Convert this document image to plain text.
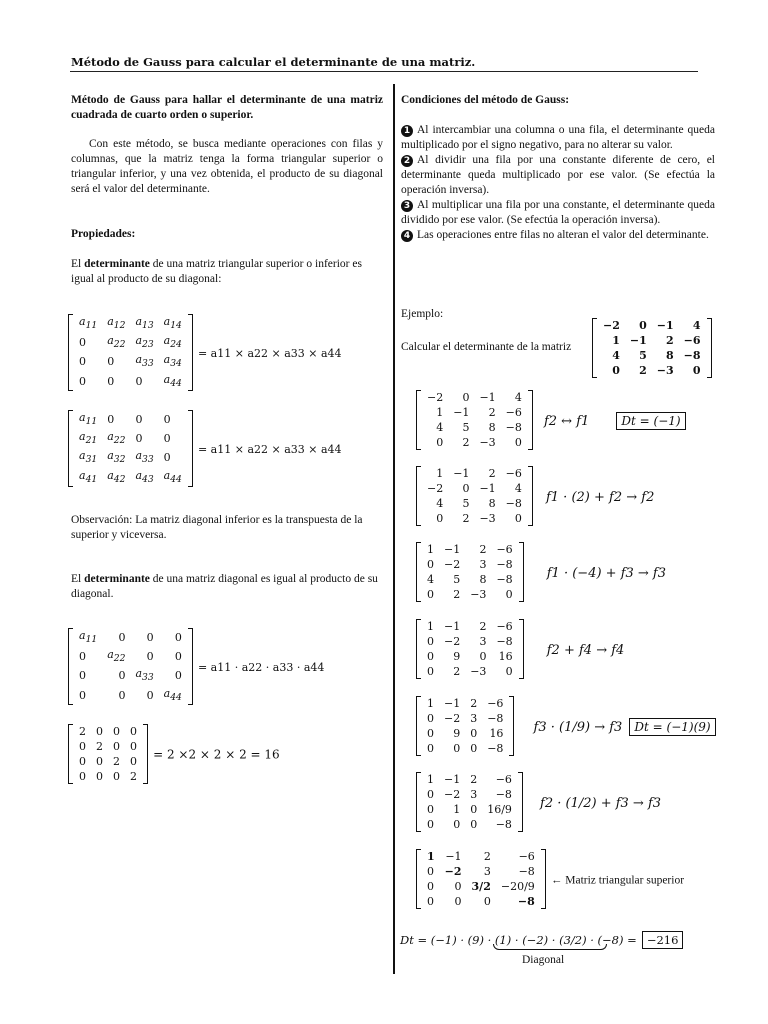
Método de Gauss para calcular el determinante de una matriz.
Método de Gauss para hallar el determinante de una matriz cuadrada de cuarto orden o superior.
Con este método, se busca mediante operaciones con filas y columnas, que la matriz tenga la forma triangular superior o triangular inferior, y una vez obtenida, el producto de su diagonal será el valor del determinante.
Propiedades:
El determinante de una matriz triangular superior o inferior es igual al producto de su diagonal:
$a_{11}$	$a_{12}$	$a_{13}$	$a_{14}$
0	$a_{22}$	$a_{23}$	$a_{24}$
0	0	$a_{33}$	$a_{34}$
0	0	0	$a_{44}$
= a11 × a22 × a33 × a44
$a_{11}$	0	0	0
$a_{21}$	$a_{22}$	0	0
$a_{31}$	$a_{32}$	$a_{33}$	0
$a_{41}$	$a_{42}$	$a_{43}$	$a_{44}$
= a11 × a22 × a33 × a44
Observación: La matriz diagonal inferior es la transpuesta de la superior y viceversa.
El determinante de una matriz diagonal es igual al producto de su diagonal.
$a_{11}$	0	0	0
0	$a_{22}$	0	0
0	0	$a_{33}$	0
0	0	0	$a_{44}$
= a11 · a22 · a33 · a44
2	0	0	0
0	2	0	0
0	0	2	0
0	0	0	2
= 2 ×2 × 2 × 2 = 16
Condiciones del método de Gauss:
1 Al intercambiar una columna o una fila, el determinante queda multiplicado por el signo negativo, para no alterar su valor.
2 Al dividir una fila por una constante diferente de cero, el determinante queda multiplicado por ese valor. (Se efectúa la operación inversa).
3 Al multiplicar una fila por una constante, el determinante queda dividido por ese valor. (Se efectúa la operación inversa).
4 Las operaciones entre filas no alteran el valor del determinante.
Ejemplo:
Calcular el determinante de la matriz
−2	0	−1	4
1	−1	2	−6
4	5	8	−8
0	2	−3	0
−2	0	−1	4
1	−1	2	−6
4	5	8	−8
0	2	−3	0
f2 ↔ f1	Dt = (−1)
1	−1	2	−6
−2	0	−1	4
4	5	8	−8
0	2	−3	0
f1 · (2) + f2 → f2
1	−1	2	−6
0	−2	3	−8
4	5	8	−8
0	2	−3	0
f1 · (−4) + f3 → f3
1	−1	2	−6
0	−2	3	−8
0	9	0	16
0	2	−3	0
f2 + f4 → f4
1	−1	2	−6
0	−2	3	−8
0	9	0	16
0	0	0	−8
f3 · (1/9) → f3 Dt = (−1)(9)
1	−1	2	−6
0	−2	3	−8
0	1	0	16/9
0	0	0	−8
f2 · (1/2) + f3 → f3
1	−1	2	−6
0	−2	3	−8
0	0	3/2	−20/9
0	0	0	−8
← Matriz triangular superior
Dt = (−1) · (9) · (1) · (−2) · (3/2) · (−8) = −216
Diagonal
